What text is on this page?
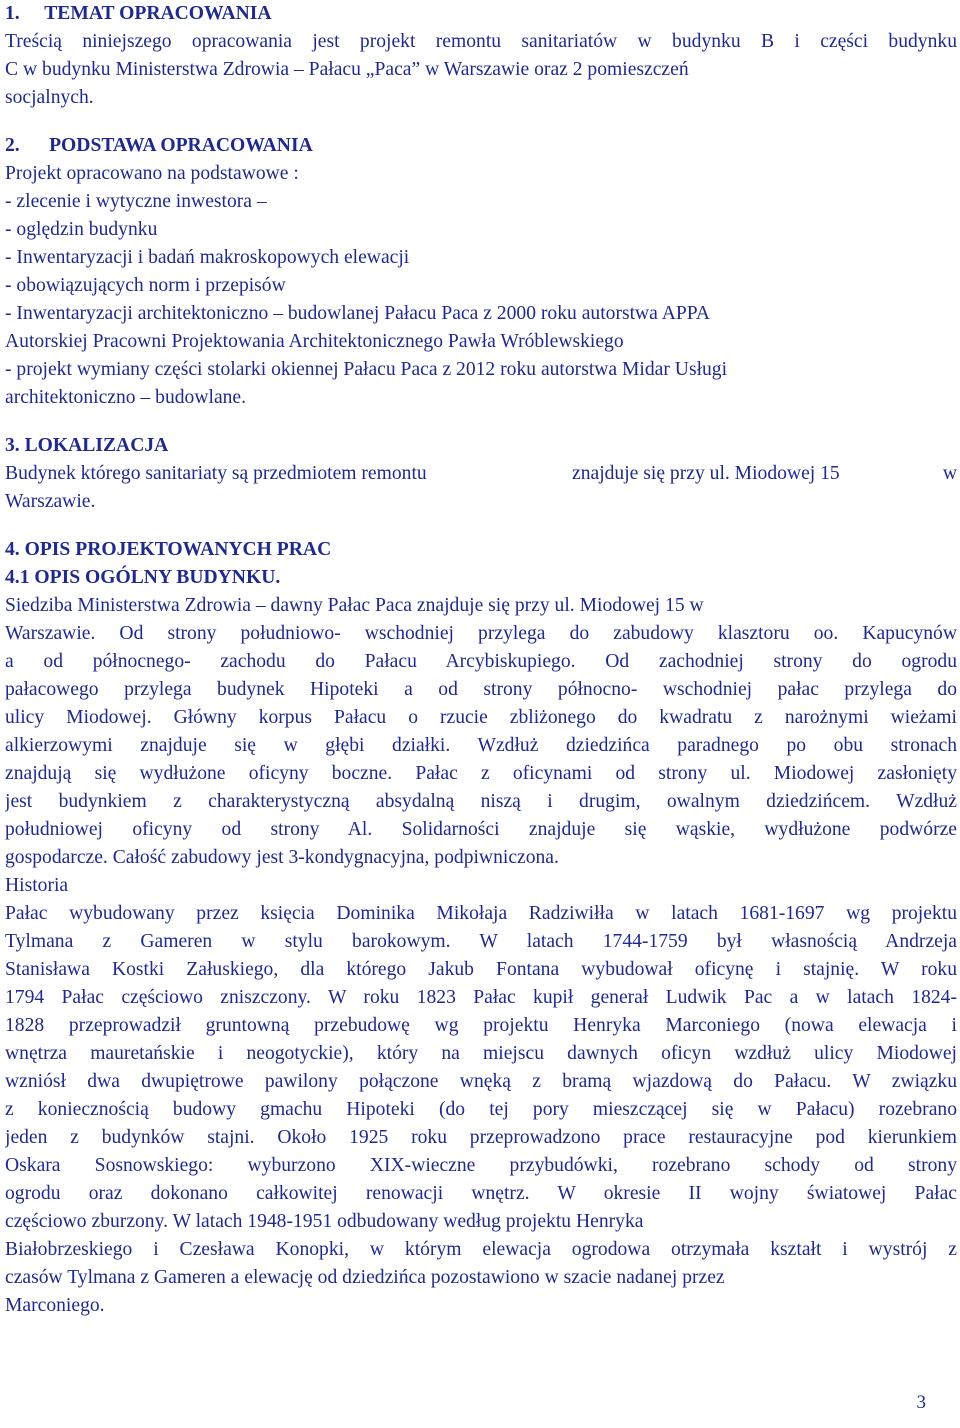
1. TEMAT OPRACOWANIA
Treścią niniejszego opracowania jest projekt remontu sanitariatów w budynku B i części budynku
C w budynku Ministerstwa Zdrowia – Pałacu „Paca” w Warszawie oraz 2 pomieszczeń
socjalnych.
2. PODSTAWA OPRACOWANIA
Projekt opracowano na podstawowe :
- zlecenie i wytyczne inwestora –
- oględzin budynku
- Inwentaryzacji i badań makroskopowych elewacji
- obowiązujących norm i przepisów
- Inwentaryzacji architektoniczno – budowlanej Pałacu Paca z 2000 roku autorstwa APPA
Autorskiej Pracowni Projektowania Architektonicznego Pawła Wróblewskiego
- projekt wymiany części stolarki okiennej Pałacu Paca z 2012 roku autorstwa Midar Usługi
architektoniczno – budowlane.
3. LOKALIZACJA
Budynek którego sanitariaty są przedmiotem remontu	znajduje się przy ul. Miodowej 15	w
Warszawie.
4. OPIS PROJEKTOWANYCH PRAC
4.1 OPIS OGÓLNY BUDYNKU.
Siedziba Ministerstwa Zdrowia – dawny Pałac Paca znajduje się przy ul. Miodowej 15 w
Warszawie. Od strony południowo- wschodniej przylega do zabudowy klasztoru oo. Kapucynów
a od północnego- zachodu do Pałacu Arcybiskupiego. Od zachodniej strony do ogrodu
pałacowego przylega budynek Hipoteki a od strony północno- wschodniej pałac przylega do
ulicy Miodowej. Główny korpus Pałacu o rzucie zbliżonego do kwadratu z narożnymi wieżami
alkierzowymi znajduje się w głębi działki. Wzdłuż dziedzińca paradnego po obu stronach
znajdują się wydłużone oficyny boczne. Pałac z oficynami od strony ul. Miodowej zasłonięty
jest budynkiem z charakterystyczną absydalną niszą i drugim, owalnym dziedzińcem. Wzdłuż
południowej oficyny od strony Al. Solidarności znajduje się wąskie, wydłużone podwórze
gospodarcze. Całość zabudowy jest 3-kondygnacyjna, podpiwniczona.
Historia
Pałac wybudowany przez księcia Dominika Mikołaja Radziwiłła w latach 1681-1697 wg projektu
Tylmana z Gameren w stylu barokowym. W latach 1744-1759 był własnością Andrzeja
Stanisława Kostki Załuskiego, dla którego Jakub Fontana wybudował oficynę i stajnię. W roku
1794 Pałac częściowo zniszczony. W roku 1823 Pałac kupił generał Ludwik Pac a w latach 1824-
1828 przeprowadził gruntowną przebudowę wg projektu Henryka Marconiego (nowa elewacja i
wnętrza mauretańskie i neogotyckie), który na miejscu dawnych oficyn wzdłuż ulicy Miodowej
wzniósł dwa dwupiętrowe pawilony połączone wnęką z bramą wjazdową do Pałacu. W związku
z koniecznością budowy gmachu Hipoteki (do tej pory mieszczącej się w Pałacu) rozebrano
jeden z budynków stajni. Około 1925 roku przeprowadzono prace restauracyjne pod kierunkiem
Oskara Sosnowskiego: wyburzono XIX-wieczne przybudówki, rozebrano schody od strony
ogrodu oraz dokonano całkowitej renowacji wnętrz. W okresie II wojny światowej Pałac
częściowo zburzony. W latach 1948-1951 odbudowany według projektu Henryka
Białobrzeskiego i Czesława Konopki, w którym elewacja ogrodowa otrzymała kształt i wystrój z
czasów Tylmana z Gameren a elewację od dziedzińca pozostawiono w szacie nadanej przez
Marconiego.
3
